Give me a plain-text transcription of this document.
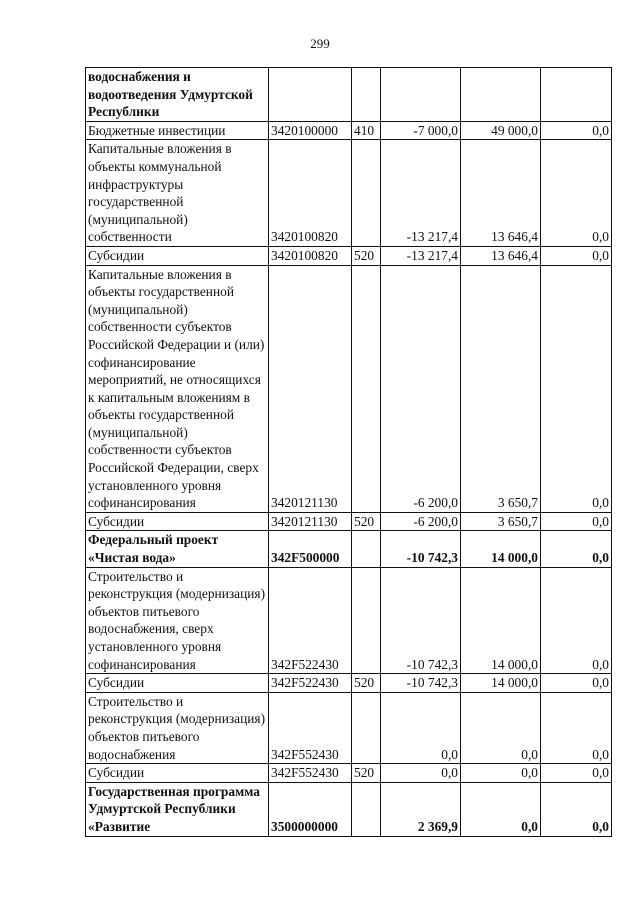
299
водоснабжения и водоотведения Удмуртской Республики					
Бюджетные инвестиции	3420100000	410	-7 000,0	49 000,0	0,0
Капитальные вложения в объекты коммунальной инфраструктуры государственной (муниципальной) собственности	3420100820		-13 217,4	13 646,4	0,0
Субсидии	3420100820	520	-13 217,4	13 646,4	0,0
Капитальные вложения в объекты государственной (муниципальной) собственности субъектов Российской Федерации и (или) софинансирование мероприятий, не относящихся к капитальным вложениям в объекты государственной (муниципальной) собственности субъектов Российской Федерации, сверх установленного уровня софинансирования	3420121130		-6 200,0	3 650,7	0,0
Субсидии	3420121130	520	-6 200,0	3 650,7	0,0
Федеральный проект «Чистая вода»	342F500000		-10 742,3	14 000,0	0,0
Строительство и реконструкция (модернизация) объектов питьевого водоснабжения, сверх установленного уровня софинансирования	342F522430		-10 742,3	14 000,0	0,0
Субсидии	342F522430	520	-10 742,3	14 000,0	0,0
Строительство и реконструкция (модернизация) объектов питьевого водоснабжения	342F552430		0,0	0,0	0,0
Субсидии	342F552430	520	0,0	0,0	0,0
Государственная программа Удмуртской Республики «Развитие	3500000000		2 369,9	0,0	0,0
